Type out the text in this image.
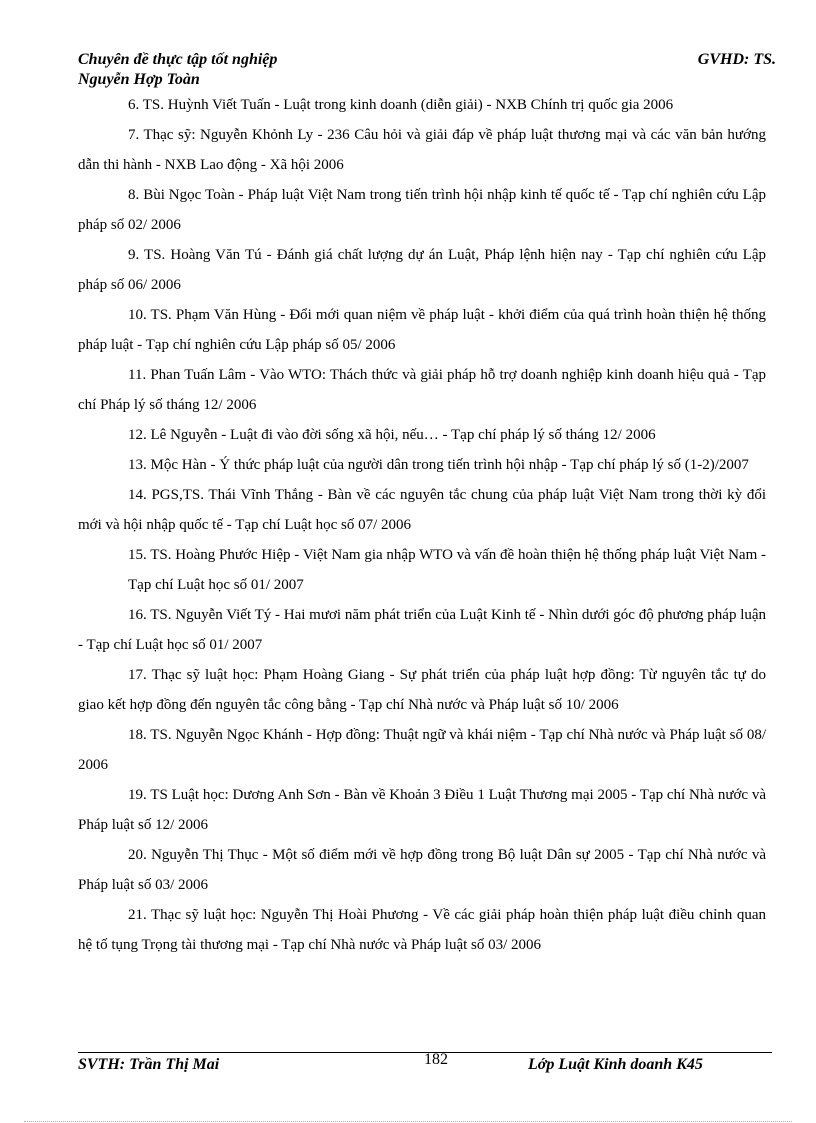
Chuyên đề thực tập tốt nghiệp
Nguyễn Hợp Toàn
GVHD: TS.

6. TS. Huỳnh Viết Tuấn - Luật trong kinh doanh (diễn giải) - NXB Chính trị quốc gia 2006

7. Thạc sỹ: Nguyễn Khỏnh Ly - 236 Câu hỏi và giải đáp về pháp luật thương mại và các văn bản hướng dẫn thi hành - NXB Lao động - Xã hội 2006

8. Bùi Ngọc Toàn - Pháp luật Việt Nam trong tiến trình hội nhập kinh tế quốc tế - Tạp chí nghiên cứu Lập pháp số 02/ 2006

9. TS. Hoàng Văn Tú - Đánh giá chất lượng dự án Luật, Pháp lệnh hiện nay - Tạp chí nghiên cứu Lập pháp số 06/ 2006

10. TS. Phạm Văn Hùng - Đổi mới quan niệm về pháp luật - khởi điểm của quá trình hoàn thiện hệ thống pháp luật - Tạp chí nghiên cứu Lập pháp số 05/ 2006

11. Phan Tuấn Lâm - Vào WTO: Thách thức và giải pháp hỗ trợ doanh nghiệp kinh doanh hiệu quả - Tạp chí Pháp lý số tháng 12/ 2006

12. Lê Nguyễn - Luật đi vào đời sống xã hội, nếu… - Tạp chí pháp lý số tháng 12/ 2006

13. Mộc Hàn - Ý thức pháp luật của người dân trong tiến trình hội nhập - Tạp chí pháp lý số (1-2)/2007

14. PGS,TS. Thái Vĩnh Thắng - Bàn về các nguyên tắc chung của pháp luật Việt Nam trong thời kỳ đổi mới và hội nhập quốc tế - Tạp chí Luật học số 07/ 2006

15. TS. Hoàng Phước Hiệp - Việt Nam gia nhập WTO và vấn đề hoàn thiện hệ thống pháp luật Việt Nam - Tạp chí Luật học số 01/ 2007

16. TS. Nguyễn Viết Tý - Hai mươi năm phát triển của Luật Kinh tế - Nhìn dưới góc độ phương pháp luận - Tạp chí Luật học số 01/ 2007

17. Thạc sỹ luật học: Phạm Hoàng Giang - Sự phát triển của pháp luật hợp đồng: Từ nguyên tắc tự do giao kết hợp đồng đến nguyên tắc công bằng - Tạp chí Nhà nước và Pháp luật số 10/ 2006

18. TS. Nguyễn Ngọc Khánh - Hợp đồng: Thuật ngữ và khái niệm - Tạp chí Nhà nước và Pháp luật số 08/ 2006

19. TS Luật học: Dương Anh Sơn - Bàn về Khoản 3 Điều 1 Luật Thương mại 2005 - Tạp chí Nhà nước và Pháp luật số 12/ 2006

20. Nguyễn Thị Thục - Một số điểm mới về hợp đồng trong Bộ luật Dân sự 2005 - Tạp chí Nhà nước và Pháp luật số 03/ 2006

21. Thạc sỹ luật học: Nguyễn Thị Hoài Phương - Về các giải pháp hoàn thiện pháp luật điều chỉnh quan hệ tố tụng Trọng tài thương mại - Tạp chí Nhà nước và Pháp luật số 03/ 2006

SVTH: Trần Thị Mai	182	Lớp Luật Kinh doanh K45
